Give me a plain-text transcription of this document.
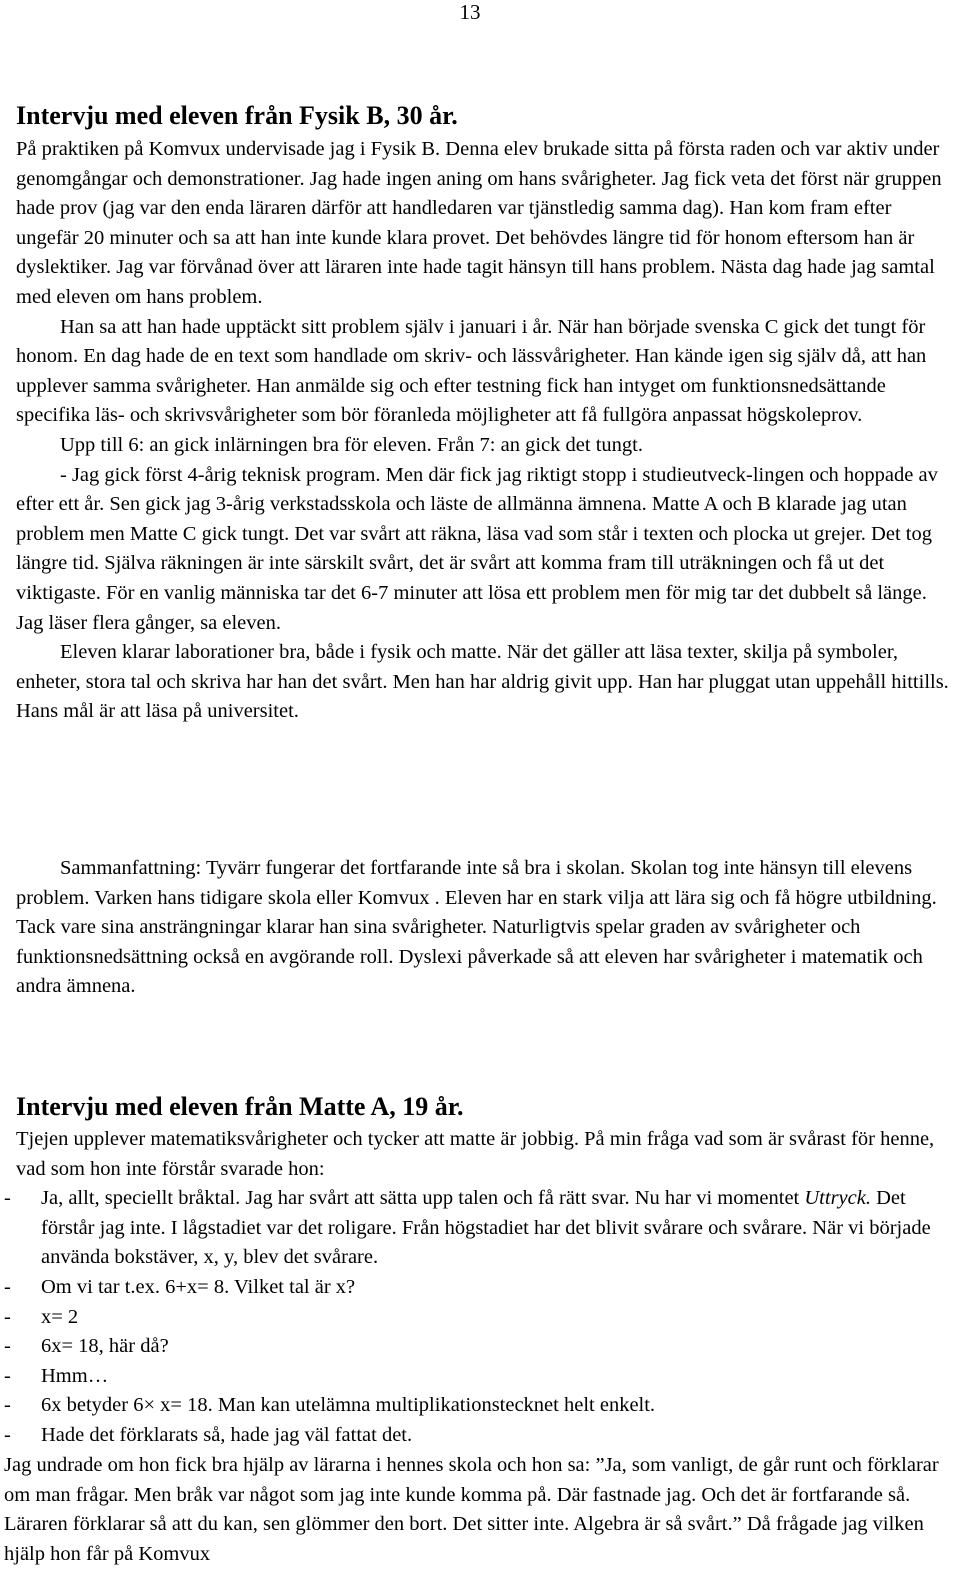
13
Intervju med eleven från Fysik B, 30 år.

På praktiken på Komvux undervisade jag i Fysik B. Denna elev brukade sitta på första raden och var aktiv under genomgångar och demonstrationer. Jag hade ingen aning om hans svårigheter. Jag fick veta det först när gruppen hade prov (jag var den enda läraren därför att handledaren var tjänstledig samma dag). Han kom fram efter ungefär 20 minuter och sa att han inte kunde klara provet. Det behövdes längre tid för honom eftersom han är dyslektiker. Jag var förvånad över att läraren inte hade tagit hänsyn till hans problem. Nästa dag hade jag samtal med eleven om hans problem.

Han sa att han hade upptäckt sitt problem själv i januari i år. När han började svenska C gick det tungt för honom. En dag hade de en text som handlade om skriv- och lässvårigheter. Han kände igen sig själv då, att han upplever samma svårigheter. Han anmälde sig och efter testning fick han intyget om funktionsnedsättande specifika läs- och skrivsvårigheter som bör föranleda möjligheter att få fullgöra anpassat högskoleprov.

Upp till 6: an gick inlärningen bra för eleven. Från 7: an gick det tungt.

- Jag gick först 4-årig teknisk program. Men där fick jag riktigt stopp i studieutveck-lingen och hoppade av efter ett år. Sen gick jag 3-årig verkstadsskola och läste de allmänna ämnena. Matte A och B klarade jag utan problem men Matte C gick tungt. Det var svårt att räkna, läsa vad som står i texten och plocka ut grejer. Det tog längre tid. Själva räkningen är inte särskilt svårt, det är svårt att komma fram till uträkningen och få ut det viktigaste. För en vanlig människa tar det 6-7 minuter att lösa ett problem men för mig tar det dubbelt så länge. Jag läser flera gånger, sa eleven.

Eleven klarar laborationer bra, både i fysik och matte. När det gäller att läsa texter, skilja på symboler, enheter, stora tal och skriva har han det svårt. Men han har aldrig givit upp. Han har pluggat utan uppehåll hittills. Hans mål är att läsa på universitet.

Sammanfattning: Tyvärr fungerar det fortfarande inte så bra i skolan. Skolan tog inte hänsyn till elevens problem. Varken hans tidigare skola eller Komvux . Eleven har en stark vilja att lära sig och få högre utbildning. Tack vare sina ansträngningar klarar han sina svårigheter. Naturligtvis spelar graden av svårigheter och funktionsnedsättning också en avgörande roll. Dyslexi påverkade så att eleven har svårigheter i matematik och andra ämnena.

Intervju med eleven från Matte A, 19 år.

Tjejen upplever matematiksvårigheter och tycker att matte är jobbig. På min fråga vad som är svårast för henne, vad som hon inte förstår svarade hon:

- Ja, allt, speciellt bråktal. Jag har svårt att sätta upp talen och få rätt svar. Nu har vi momentet Uttryck. Det förstår jag inte. I lågstadiet var det roligare. Från högstadiet har det blivit svårare och svårare. När vi började använda bokstäver, x, y, blev det svårare.
- Om vi tar t.ex. 6+x= 8. Vilket tal är x?
- x= 2
- 6x= 18, här då?
- Hmm…
- 6x betyder 6× x= 18. Man kan utelämna multiplikationstecknet helt enkelt.
- Hade det förklarats så, hade jag väl fattat det.

Jag undrade om hon fick bra hjälp av lärarna i hennes skola och hon sa: ”Ja, som vanligt, de går runt och förklarar om man frågar. Men bråk var något som jag inte kunde komma på. Där fastnade jag. Och det är fortfarande så. Läraren förklarar så att du kan, sen glömmer den bort. Det sitter inte. Algebra är så svårt.” Då frågade jag vilken hjälp hon får på Komvux
